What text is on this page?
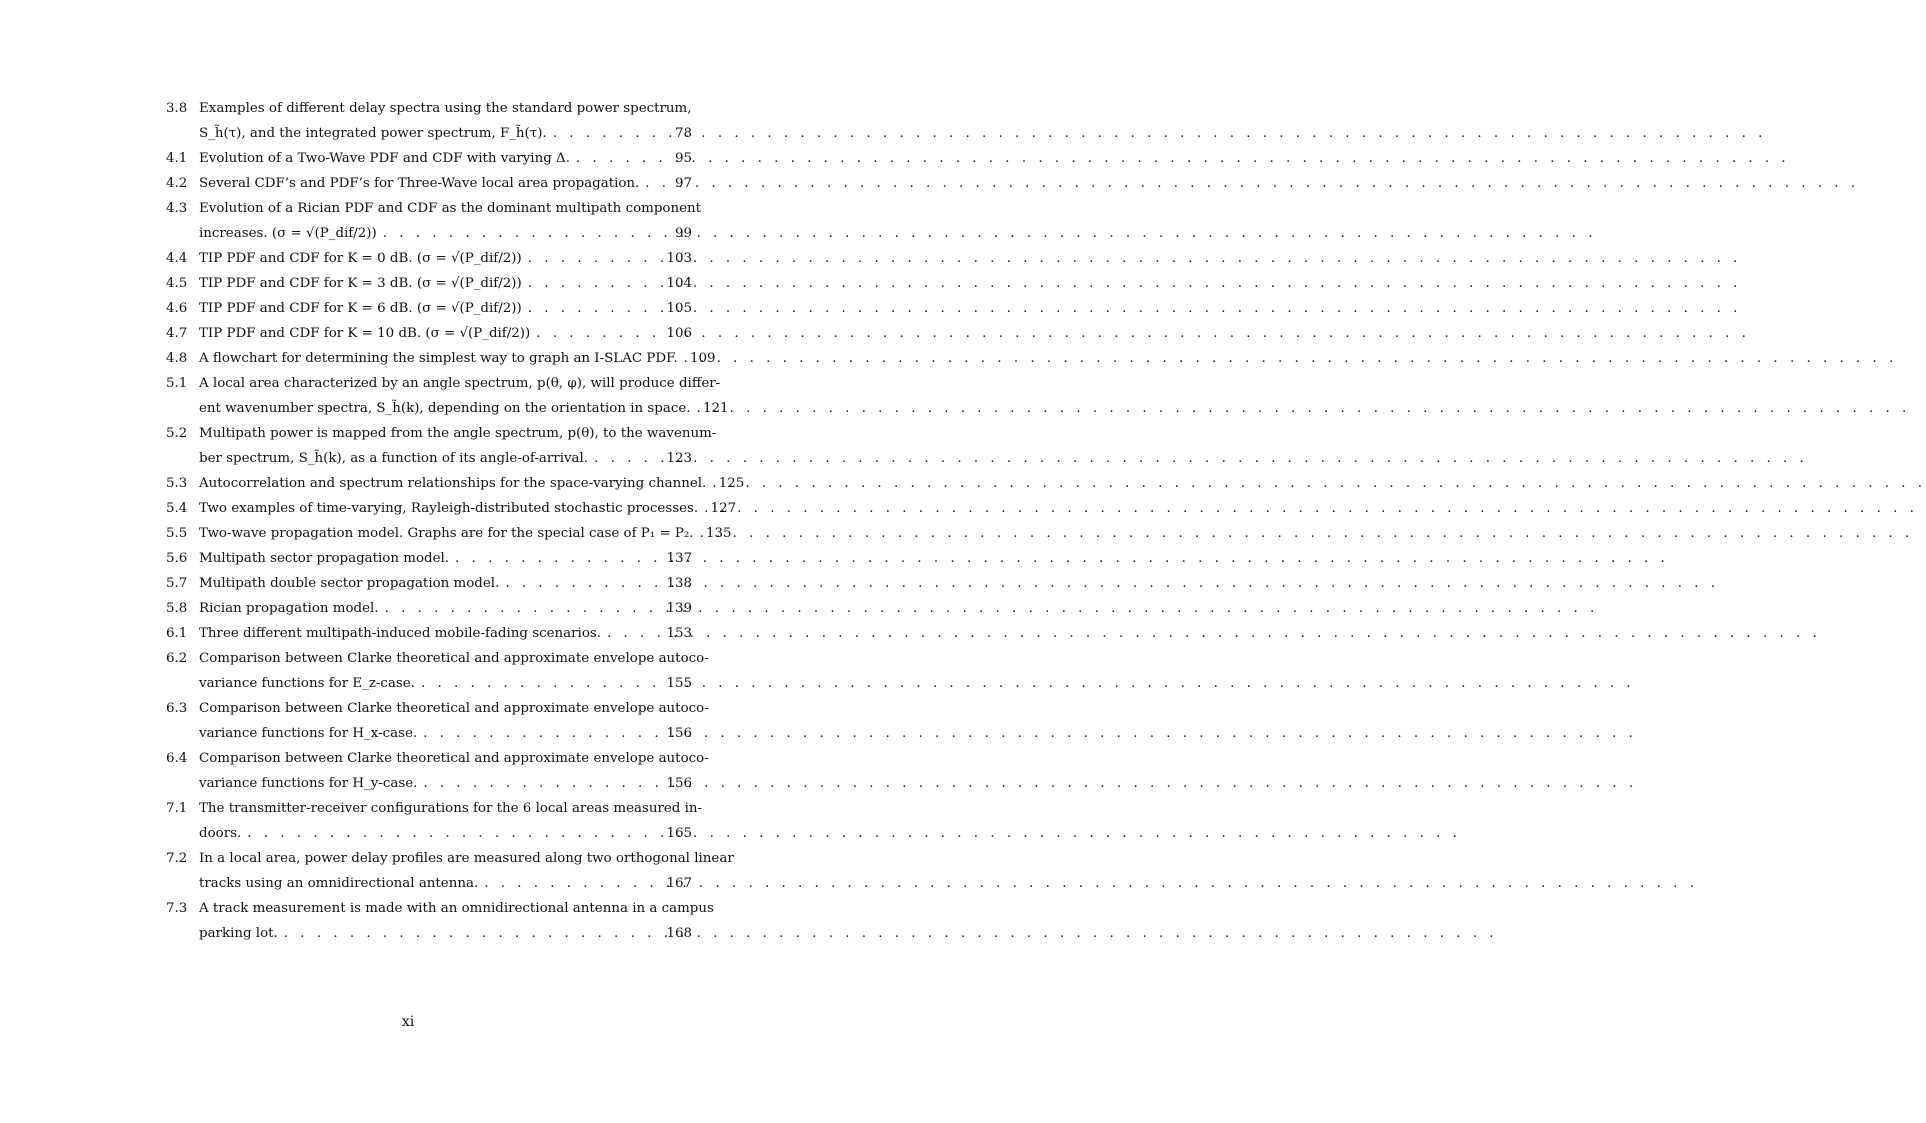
3.8 Examples of different delay spectra using the standard power spectrum,
S_h̃(τ), and the integrated power spectrum, F_h̃(τ). . . .	78
4.1 Evolution of a Two-Wave PDF and CDF with varying Δ. . . .	95
4.2 Several CDF’s and PDF’s for Three-Wave local area propagation. . . .	97
4.3 Evolution of a Rician PDF and CDF as the dominant multipath component
increases. (σ = √(P_dif/2)) . . .	99
4.4 TIP PDF and CDF for K = 0 dB. (σ = √(P_dif/2)) . . .	103
4.5 TIP PDF and CDF for K = 3 dB. (σ = √(P_dif/2)) . . .	104
4.6 TIP PDF and CDF for K = 6 dB. (σ = √(P_dif/2)) . . .	105
4.7 TIP PDF and CDF for K = 10 dB. (σ = √(P_dif/2)) . . .	106
4.8 A flowchart for determining the simplest way to graph an I-SLAC PDF. . . . 109
5.1 A local area characterized by an angle spectrum, p(θ, φ), will produce differ-
ent wavenumber spectra, S_h̃(k), depending on the orientation in space. . . . 121
5.2 Multipath power is mapped from the angle spectrum, p(θ), to the wavenum-
ber spectrum, S_h̃(k), as a function of its angle-of-arrival. . . .	123
5.3 Autocorrelation and spectrum relationships for the space-varying channel. . . . 125
5.4 Two examples of time-varying, Rayleigh-distributed stochastic processes. . . . 127
5.5 Two-wave propagation model. Graphs are for the special case of P₁ = P₂. . . . 135
5.6 Multipath sector propagation model. . . .	137
5.7 Multipath double sector propagation model. . . .	138
5.8 Rician propagation model. . . .	139
6.1 Three different multipath-induced mobile-fading scenarios. . . .	153
6.2 Comparison between Clarke theoretical and approximate envelope autoco-
variance functions for E_z-case. . . .	155
6.3 Comparison between Clarke theoretical and approximate envelope autoco-
variance functions for H_x-case. . . .	156
6.4 Comparison between Clarke theoretical and approximate envelope autoco-
variance functions for H_y-case. . . .	156
7.1 The transmitter-receiver configurations for the 6 local areas measured in-
doors. . . .	165
7.2 In a local area, power delay profiles are measured along two orthogonal linear
tracks using an omnidirectional antenna. . . .	167
7.3 A track measurement is made with an omnidirectional antenna in a campus
parking lot. . . .	168
xi
